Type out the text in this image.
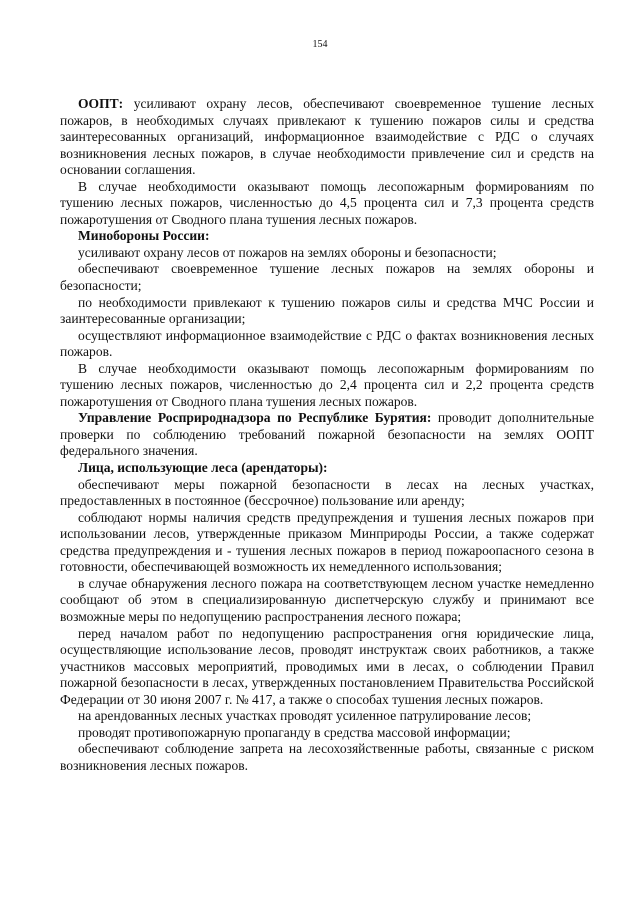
154

ООПТ: усиливают охрану лесов, обеспечивают своевременное тушение лесных пожаров, в необходимых случаях привлекают к тушению пожаров силы и средства заинтересованных организаций, информационное взаимодействие с РДС о случаях возникновения лесных пожаров, в случае необходимости привлечение сил и средств на основании соглашения.

В случае необходимости оказывают помощь лесопожарным формированиям по тушению лесных пожаров, численностью до 4,5 процента сил и 7,3 процента средств пожаротушения от Сводного плана тушения лесных пожаров.

Минобороны России:

усиливают охрану лесов от пожаров на землях обороны и безопасности;

обеспечивают своевременное тушение лесных пожаров на землях обороны и безопасности;

по необходимости привлекают к тушению пожаров силы и средства МЧС России и заинтересованные организации;

осуществляют информационное взаимодействие с РДС о фактах возникновения лесных пожаров.

В случае необходимости оказывают помощь лесопожарным формированиям по тушению лесных пожаров, численностью до 2,4 процента сил и 2,2 процента средств пожаротушения от Сводного плана тушения лесных пожаров.

Управление Росприроднадзора по Республике Бурятия: проводит дополнительные проверки по соблюдению требований пожарной безопасности на землях ООПТ федерального значения.

Лица, использующие леса (арендаторы):

обеспечивают меры пожарной безопасности в лесах на лесных участках, предоставленных в постоянное (бессрочное) пользование или аренду;

соблюдают нормы наличия средств предупреждения и тушения лесных пожаров при использовании лесов, утвержденные приказом Минприроды России, а также содержат средства предупреждения и - тушения лесных пожаров в период пожароопасного сезона в готовности, обеспечивающей возможность их немедленного использования;

в случае обнаружения лесного пожара на соответствующем лесном участке немедленно сообщают об этом в специализированную диспетчерскую службу и принимают все возможные меры по недопущению распространения лесного пожара;

перед началом работ по недопущению распространения огня юридические лица, осуществляющие использование лесов, проводят инструктаж своих работников, а также участников массовых мероприятий, проводимых ими в лесах, о соблюдении Правил пожарной безопасности в лесах, утвержденных постановлением Правительства Российской Федерации от 30 июня 2007 г. № 417, а также о способах тушения лесных пожаров.

на арендованных лесных участках проводят усиленное патрулирование лесов;

проводят противопожарную пропаганду в средства массовой информации;

обеспечивают соблюдение запрета на лесохозяйственные работы, связанные с риском возникновения лесных пожаров.
